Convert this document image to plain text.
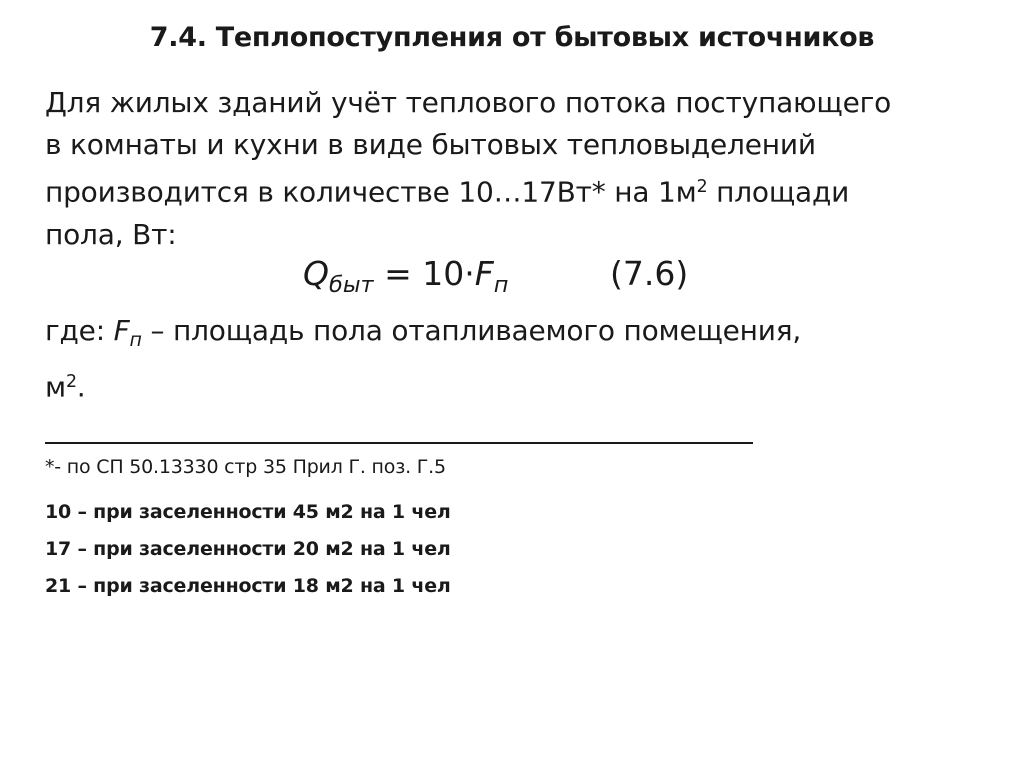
7.4. Теплопоступления от бытовых источников
Для жилых зданий учёт теплового потока поступающего
в комнаты и кухни в виде бытовых тепловыделений
производится в количестве 10…17Вт* на $1м^2$ площади
пола, Вт:
$Q_{быт} = 10\cdot F_п$	(7.6)
где: $F_п$ – площадь пола отапливаемого помещения,
$м^2$.
*- по СП 50.13330 стр 35 Прил Г. поз. Г.5
10 – при заселенности 45 м2 на 1 чел
17 – при заселенности 20 м2 на 1 чел
21 – при заселенности 18 м2 на 1 чел
